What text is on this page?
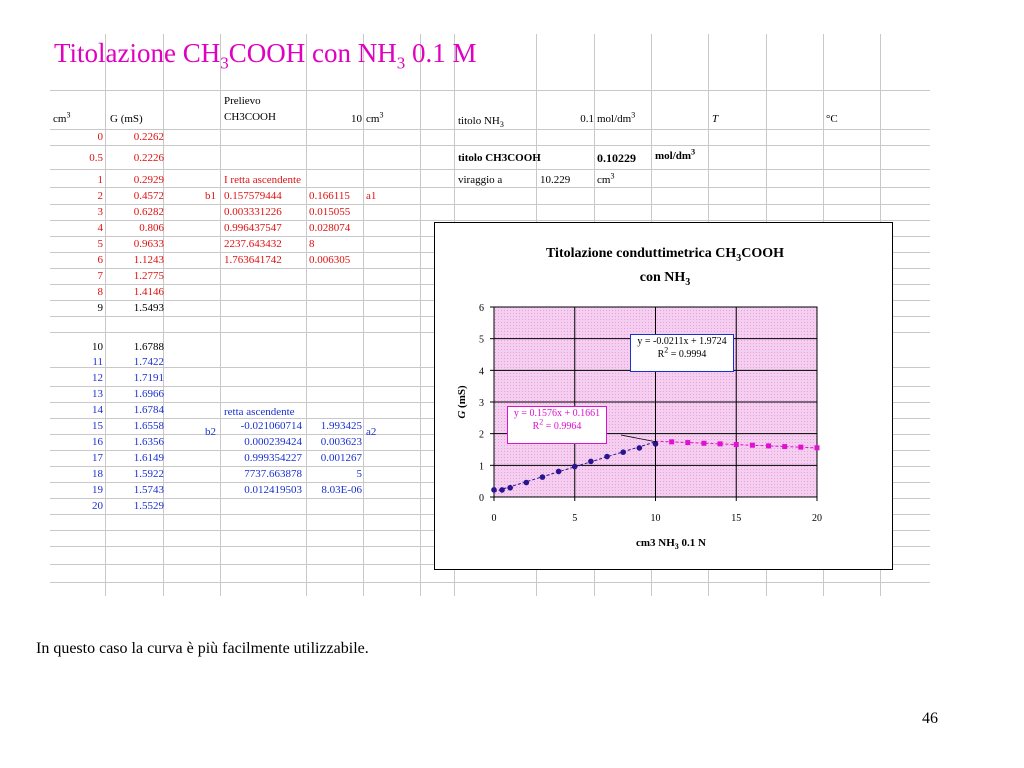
Titolazione $CH_3COOH$ con $NH_3$ 0.1 M
$cm^3$	G (mS)
Prelievo
CH3COOH	10 $cm^3$
titolo $NH_3$	0.1 mol/$dm^3$	T	°C
titolo CH3COOH	0.10229 mol/$dm^3$
viraggio a	10.229 $cm^3$
0	0.2262
0.5	0.2226
1	0.2929
2	0.4572
3	0.6282
4	0.806
5	0.9633
6	1.1243
7	1.2775
8	1.4146
9	1.5493
10	1.6788
11	1.7422
12	1.7191
13	1.6966
14	1.6784
15	1.6558
16	1.6356
17	1.6149
18	1.5922
19	1.5743
20	1.5529
I retta ascendente
b1	a1
0.157579444 0.166115
0.003331226 0.015055
0.996437547 0.028074
2237.643432 8
1.763641742 0.006305
retta ascendente
b2	a2
-0.021060714	1.993425
0.000239424	0.003623
0.999354227	0.001267
7737.663878	5
0.012419503	8.03E-06
Titolazione conduttimetrica $CH_3COOH$
con $NH_3$
0
1
2
3
4
5
6
0	5	10	15	20
cm3 $NH_3$ 0.1 N
G (mS)
y = -0.0211x + 1.9724
$R^2 = 0.9994$
y = 0.1576x + 0.1661
$R^2 = 0.9964$
In questo caso la curva è più facilmente utilizzabile.
46
